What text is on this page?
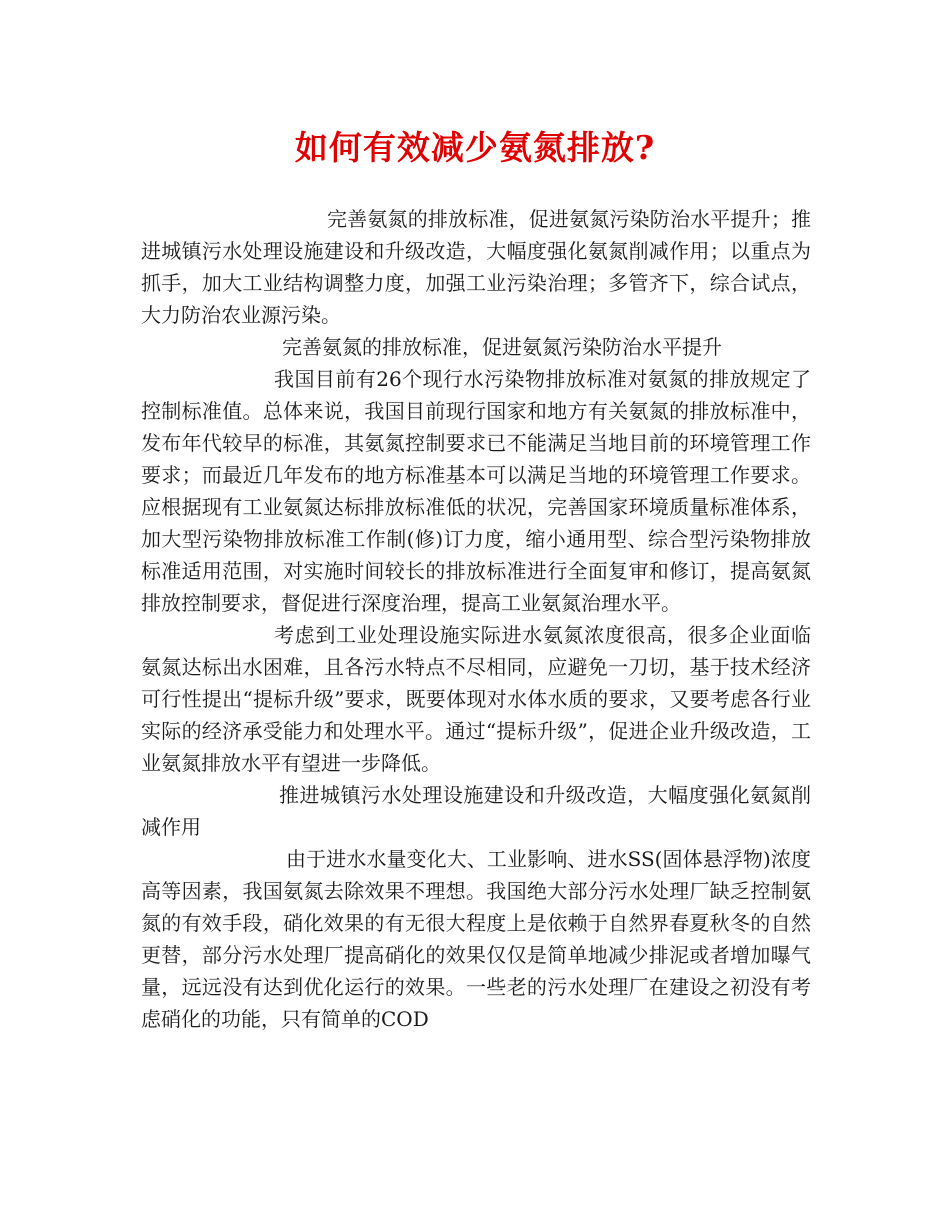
如何有效减少氨氮排放?

完善氨氮的排放标准，促进氨氮污染防治水平提升；推进城镇污水处理设施建设和升级改造，大幅度强化氨氮削减作用；以重点为抓手，加大工业结构调整力度，加强工业污染治理；多管齐下，综合试点，大力防治农业源污染。

完善氨氮的排放标准，促进氨氮污染防治水平提升

我国目前有26个现行水污染物排放标准对氨氮的排放规定了控制标准值。总体来说，我国目前现行国家和地方有关氨氮的排放标准中，发布年代较早的标准，其氨氮控制要求已不能满足当地目前的环境管理工作要求；而最近几年发布的地方标准基本可以满足当地的环境管理工作要求。应根据现有工业氨氮达标排放标准低的状况，完善国家环境质量标准体系，加大型污染物排放标准工作制(修)订力度，缩小通用型、综合型污染物排放标准适用范围，对实施时间较长的排放标准进行全面复审和修订，提高氨氮排放控制要求，督促进行深度治理，提高工业氨氮治理水平。

考虑到工业处理设施实际进水氨氮浓度很高，很多企业面临氨氮达标出水困难，且各污水特点不尽相同，应避免一刀切，基于技术经济可行性提出“提标升级”要求，既要体现对水体水质的要求，又要考虑各行业实际的经济承受能力和处理水平。通过“提标升级”，促进企业升级改造，工业氨氮排放水平有望进一步降低。

推进城镇污水处理设施建设和升级改造，大幅度强化氨氮削减作用

由于进水水量变化大、工业影响、进水SS(固体悬浮物)浓度高等因素，我国氨氮去除效果不理想。我国绝大部分污水处理厂缺乏控制氨氮的有效手段，硝化效果的有无很大程度上是依赖于自然界春夏秋冬的自然更替，部分污水处理厂提高硝化的效果仅仅是简单地减少排泥或者增加曝气量，远远没有达到优化运行的效果。一些老的污水处理厂在建设之初没有考虑硝化的功能，只有简单的COD
